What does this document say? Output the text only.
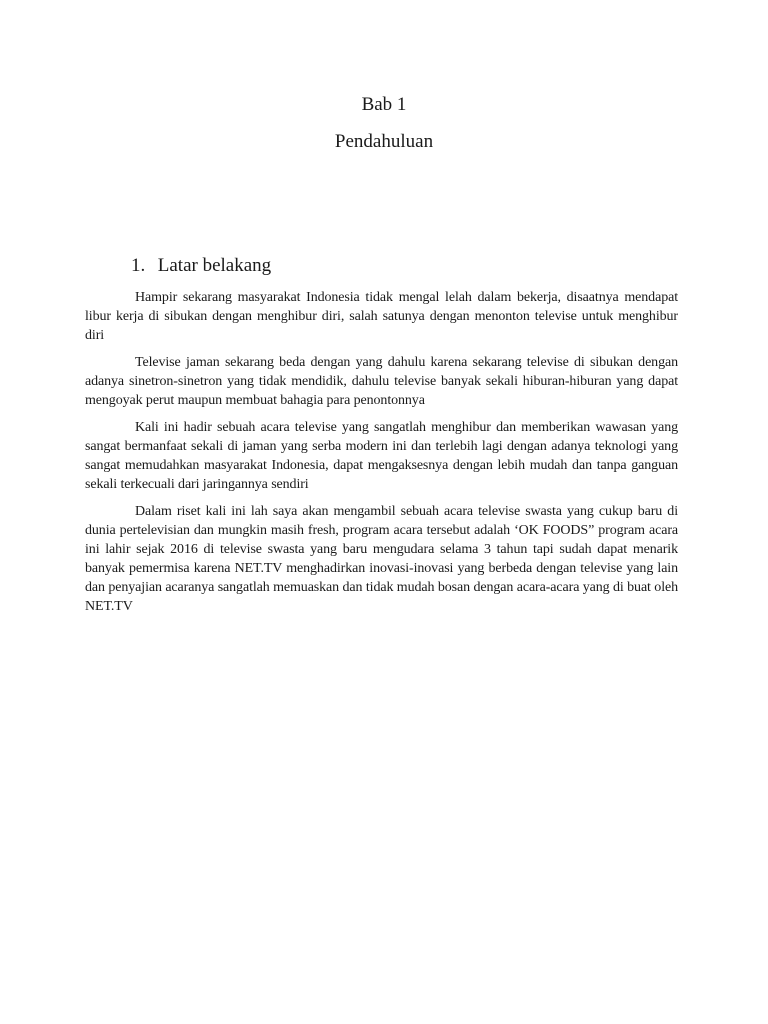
Bab 1
Pendahuluan
1. Latar belakang

Hampir sekarang masyarakat Indonesia tidak mengal lelah dalam bekerja, disaatnya mendapat libur kerja di sibukan dengan menghibur diri, salah satunya dengan menonton televise untuk menghibur diri

Televise jaman sekarang beda dengan yang dahulu karena sekarang televise di sibukan dengan adanya sinetron-sinetron yang tidak mendidik, dahulu televise banyak sekali hiburan-hiburan yang dapat mengoyak perut maupun membuat bahagia para penontonnya

Kali ini hadir sebuah acara televise yang sangatlah menghibur dan memberikan wawasan yang sangat bermanfaat sekali di jaman yang serba modern ini dan terlebih lagi dengan adanya teknologi yang sangat memudahkan masyarakat Indonesia, dapat mengaksesnya dengan lebih mudah dan tanpa ganguan sekali terkecuali dari jaringannya sendiri

Dalam riset kali ini lah saya akan mengambil sebuah acara televise swasta yang cukup baru di dunia pertelevisian dan mungkin masih fresh, program acara tersebut adalah ‘OK FOODS” program acara ini lahir sejak 2016 di televise swasta yang baru mengudara selama 3 tahun tapi sudah dapat menarik banyak pemermisa karena NET.TV menghadirkan inovasi-inovasi yang berbeda dengan televise yang lain dan penyajian acaranya sangatlah memuaskan dan tidak mudah bosan dengan acara-acara yang di buat oleh NET.TV
